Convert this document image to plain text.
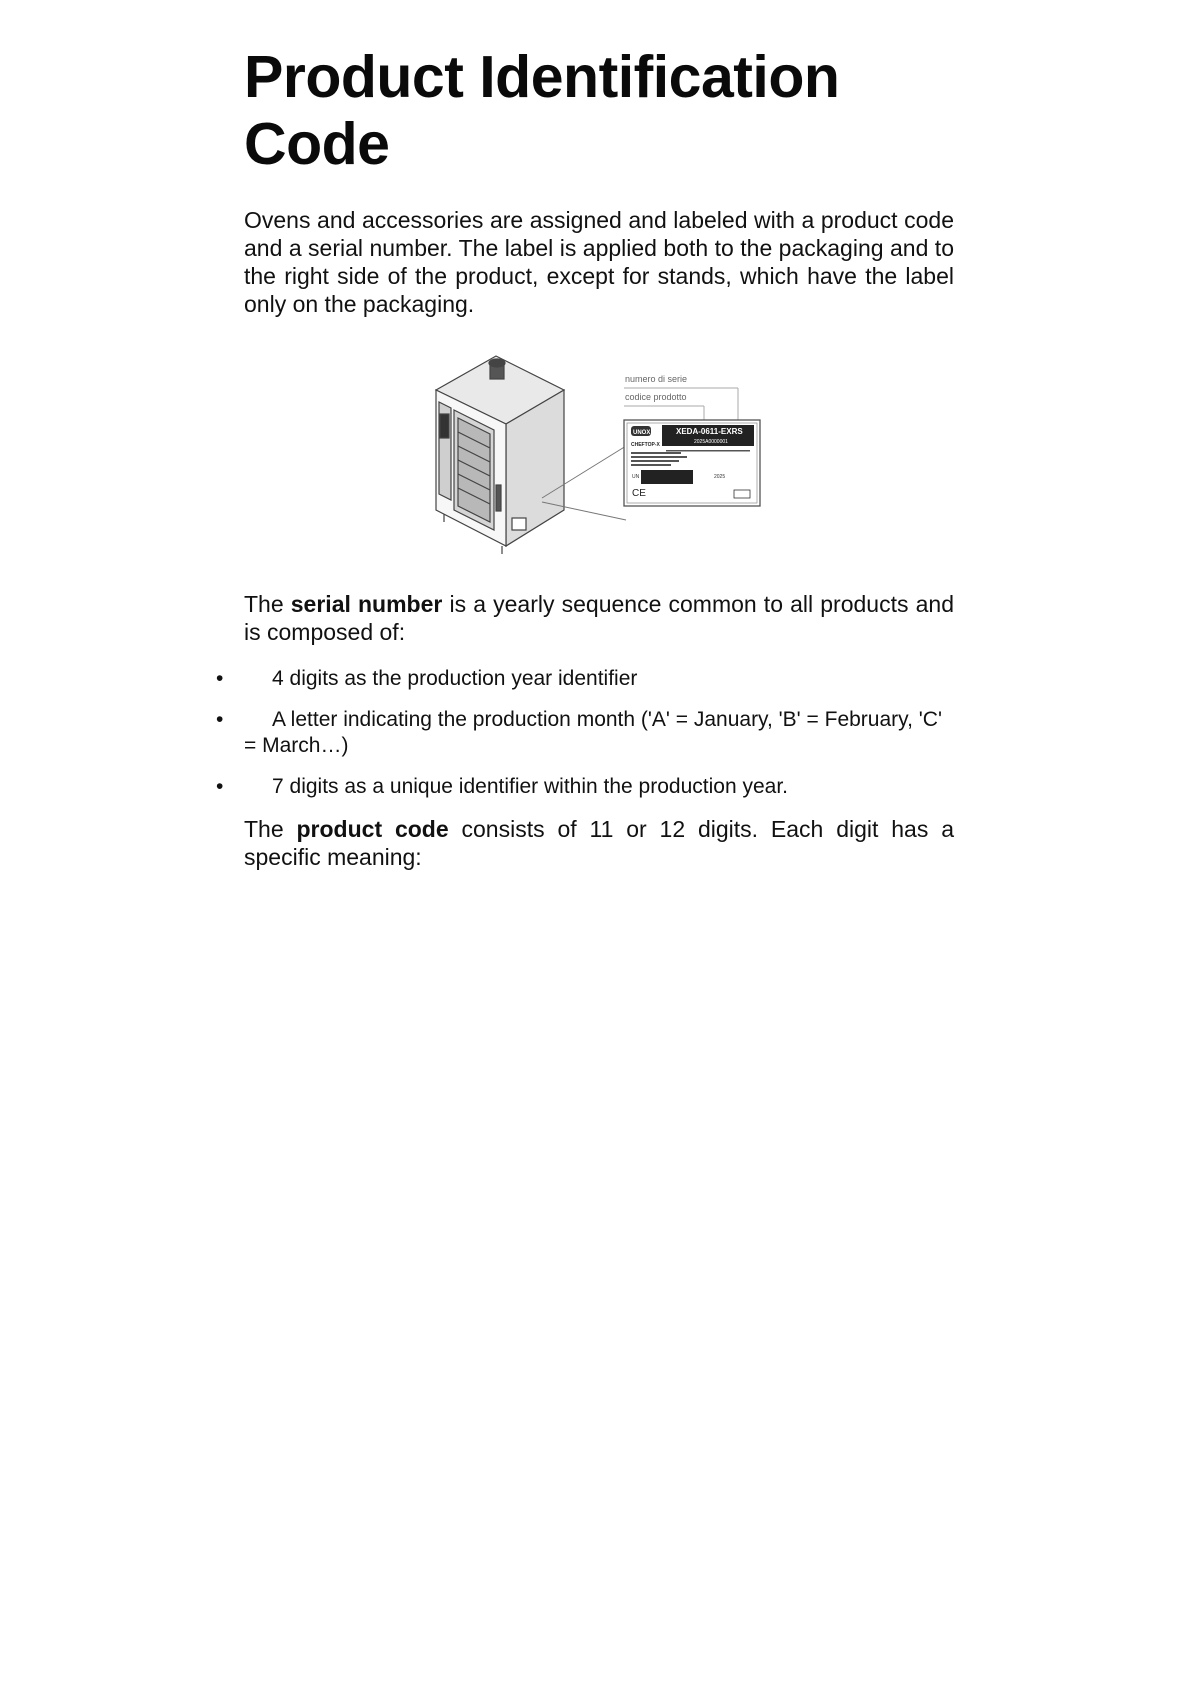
Product Identification
Code

Ovens and accessories are assigned and labeled with a product code and a serial number. The label is applied both to the packaging and to the right side of the product, except for stands, which have the label only on the packaging.

numero di serie
codice prodotto
UNOX	XEDA-0611-EXRS
2025A0000001
CHEFTOP-X
UN	2025
CE

The serial number is a yearly sequence common to all products and is composed of:

•	4 digits as the production year identifier
•	A letter indicating the production month ('A' = January, 'B' = February, 'C' = March…)
•	7 digits as a unique identifier within the production year.

The product code consists of 11 or 12 digits. Each digit has a specific meaning:
